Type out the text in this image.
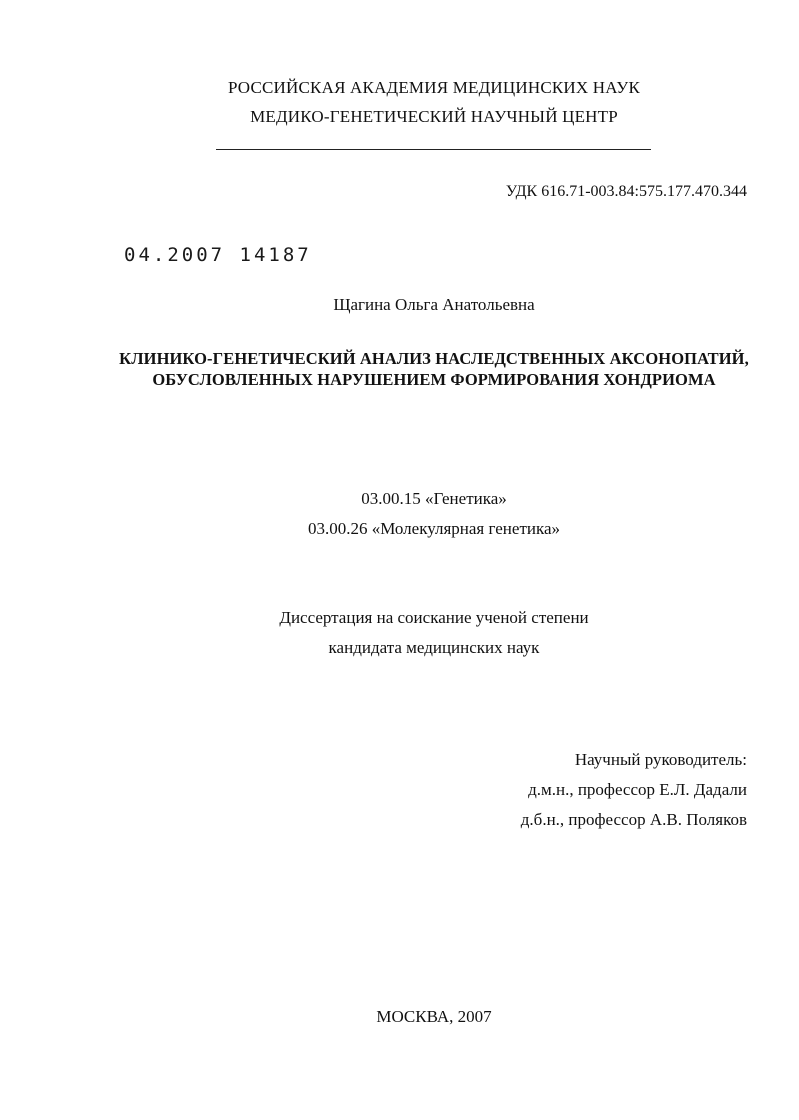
РОССИЙСКАЯ АКАДЕМИЯ МЕДИЦИНСКИХ НАУК
МЕДИКО-ГЕНЕТИЧЕСКИЙ НАУЧНЫЙ ЦЕНТР
УДК 616.71-003.84:575.177.470.344
04.2007 14187
Щагина Ольга Анатольевна
КЛИНИКО-ГЕНЕТИЧЕСКИЙ АНАЛИЗ НАСЛЕДСТВЕННЫХ АКСОНОПАТИЙ,
ОБУСЛОВЛЕННЫХ НАРУШЕНИЕМ ФОРМИРОВАНИЯ ХОНДРИОМА
03.00.15 «Генетика»
03.00.26 «Молекулярная генетика»
Диссертация на соискание ученой степени
кандидата медицинских наук
Научный руководитель:
д.м.н., профессор Е.Л. Дадали
д.б.н., профессор А.В. Поляков
МОСКВА, 2007
